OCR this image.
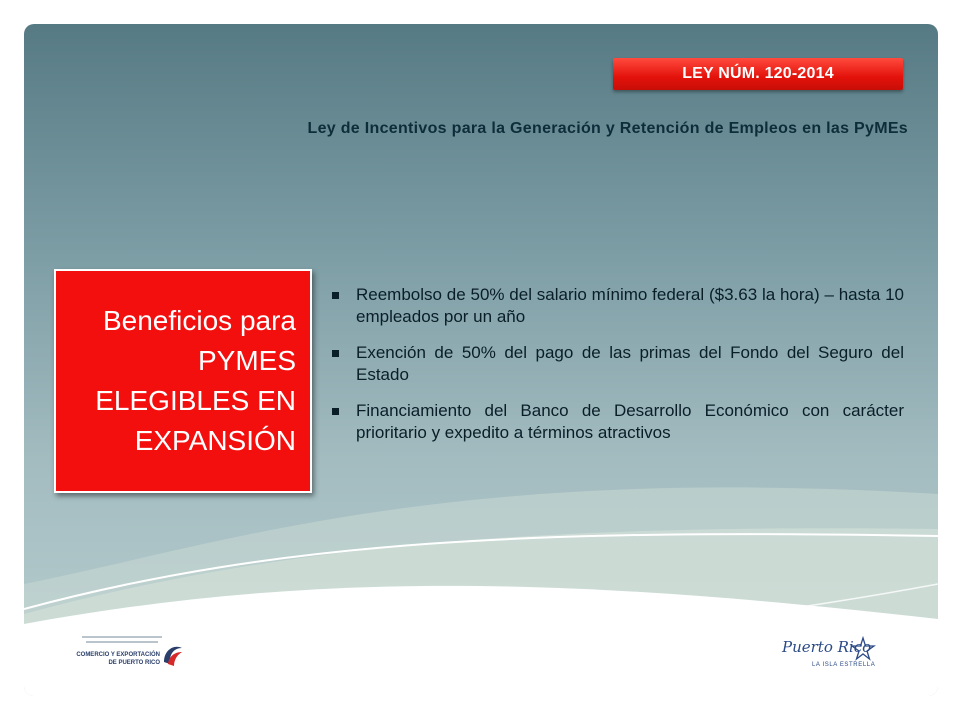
LEY NÚM. 120-2014
Ley de Incentivos para la Generación y Retención de Empleos en las PyMEs

Beneficios para
PYMES
ELEGIBLES EN
EXPANSIÓN

Reembolso de 50% del salario mínimo federal ($3.63 la hora) – hasta 10 empleados por un año
Exención de 50% del pago de las primas del Fondo del Seguro del Estado
Financiamiento del Banco de Desarrollo Económico con carácter prioritario y expedito a términos atractivos
COMERCIO Y EXPORTACIÓN
DE PUERTO RICO
Puerto Rico
LA ISLA ESTRELLA
